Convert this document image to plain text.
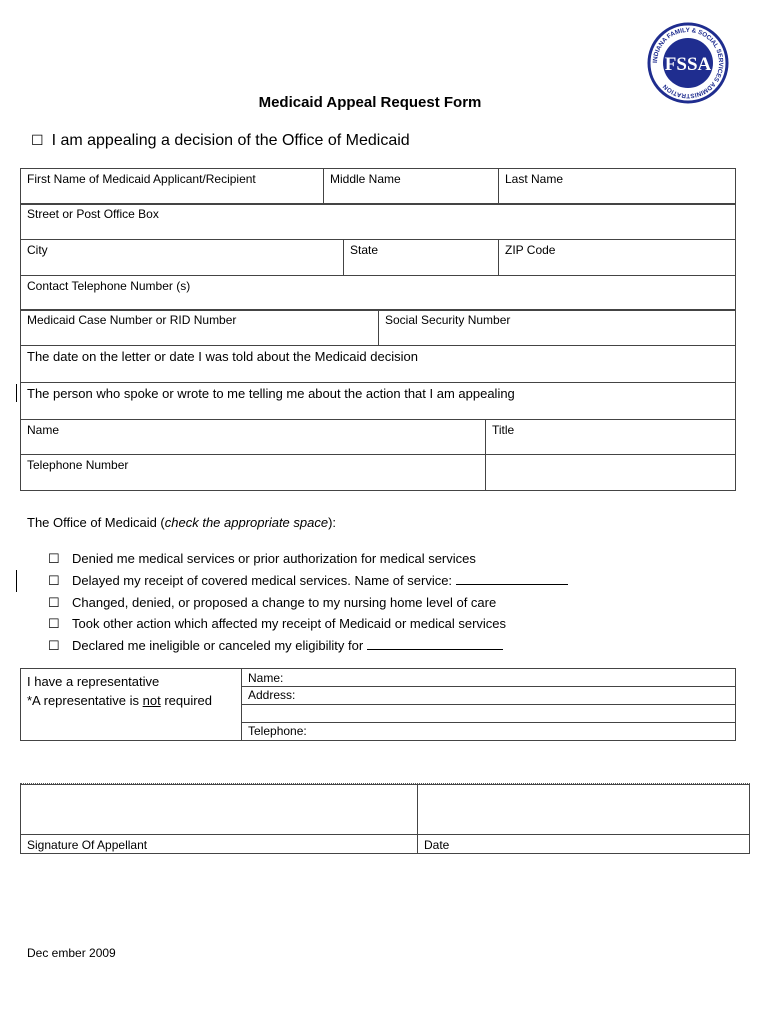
INDIANA FAMILY & SOCIAL SERVICES ADMINISTRATION
FSSA
Medicaid Appeal Request Form
☐ I am appealing a decision of the Office of Medicaid
First Name of Medicaid Applicant/Recipient	Middle Name	Last Name
Street or Post Office Box
City	State	ZIP Code
Contact Telephone Number (s)
Medicaid Case Number or RID Number	Social Security Number
The date on the letter or date I was told about the Medicaid decision
The person who spoke or wrote to me telling me about the action that I am appealing
Name	Title
Telephone Number	
The Office of Medicaid (check the appropriate space):
☐ Denied me medical services or prior authorization for medical services
☐ Delayed my receipt of covered medical services. Name of service:
☐ Changed, denied, or proposed a change to my nursing home level of care
☐ Took other action which affected my receipt of Medicaid or medical services
☐ Declared me ineligible or canceled my eligibility for
I have a representative
*A representative is not required
	Name:
Address:

Telephone:

Signature Of Appellant	Date
Dec ember 2009
